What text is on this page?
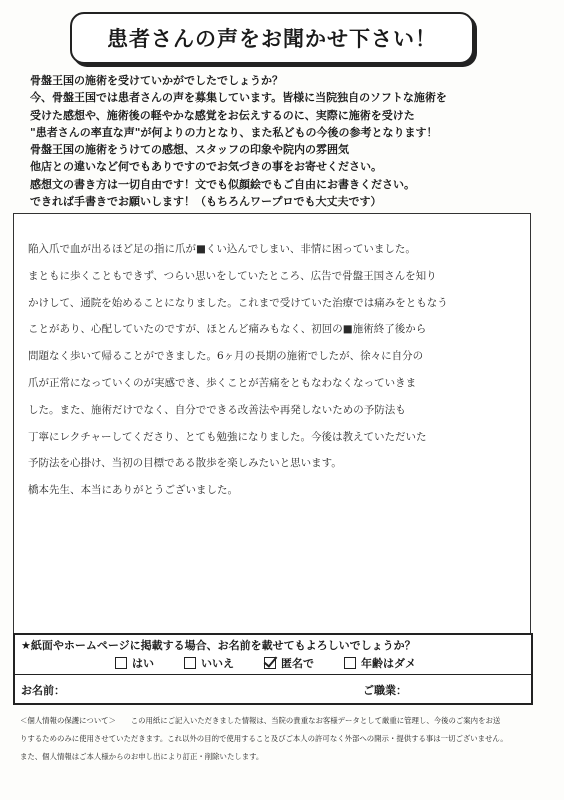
患者さんの声をお聞かせ下さい！
骨盤王国の施術を受けていかがでしたでしょうか？
今、骨盤王国では患者さんの声を募集しています。皆様に当院独自のソフトな施術を
受けた感想や、施術後の軽やかな感覚をお伝えするのに、実際に施術を受けた
"患者さんの率直な声"が何よりの力となり、また私どもの今後の参考となります！
骨盤王国の施術をうけての感想、スタッフの印象や院内の雰囲気
他店との違いなど何でもありですのでお気づきの事をお寄せください。
感想文の書き方は一切自由です！文でも似顔絵でもご自由にお書きください。
できれば手書きでお願いします！（もちろんワープロでも大丈夫です）
陥入爪で血が出るほど足の指に爪が■くい込んでしまい、非情に困っていました。
まともに歩くこともできず、つらい思いをしていたところ、広告で骨盤王国さんを知り
かけして、通院を始めることになりました。これまで受けていた治療では痛みをともなう
ことがあり、心配していたのですが、ほとんど痛みもなく、初回の■施術終了後から
問題なく歩いて帰ることができました。6ヶ月の長期の施術でしたが、徐々に自分の
爪が正常になっていくのが実感でき、歩くことが苦痛をともなわなくなっていきま
した。また、施術だけでなく、自分でできる改善法や再発しないための予防法も
丁寧にレクチャーしてくださり、とても勉強になりました。今後は教えていただいた
予防法を心掛け、当初の目標である散歩を楽しみたいと思います。
橋本先生、本当にありがとうございました。
★紙面やホームページに掲載する場合、お名前を載せてもよろしいでしょうか？
はい	いいえ	匿名で	年齢はダメ
お名前：	ご職業：
＜個人情報の保護について＞　　この用紙にご記入いただきました情報は、当院の貴重なお客様データとして厳重に管理し、今後のご案内をお送
りするためのみに使用させていただきます。これ以外の目的で使用すること及びご本人の許可なく外部への開示・提供する事は一切ございません。
また、個人情報はご本人様からのお申し出により訂正・削除いたします。
